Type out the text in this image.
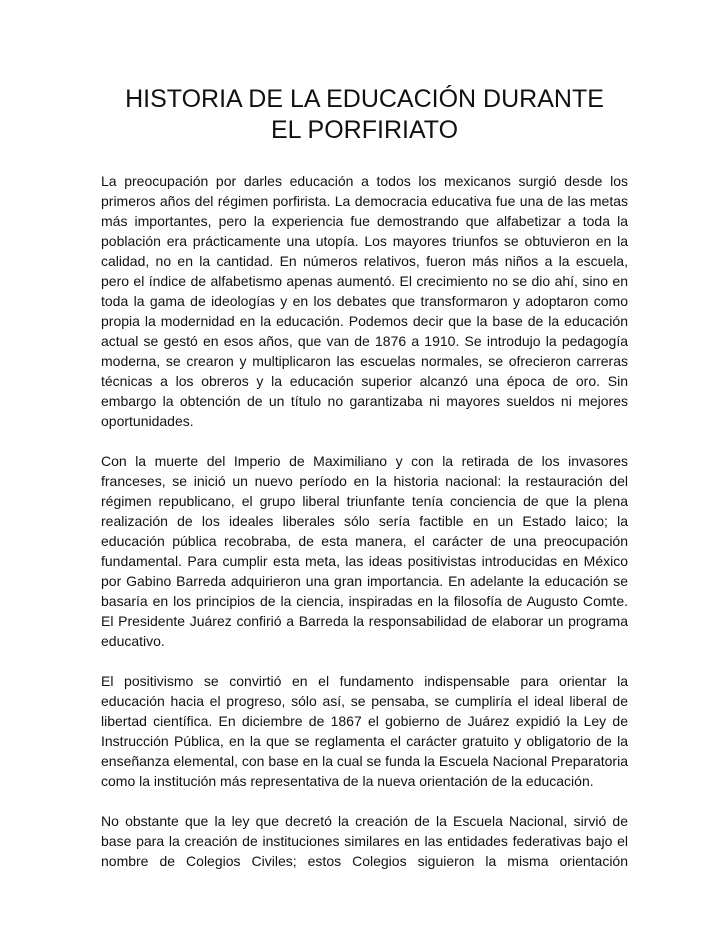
HISTORIA DE LA EDUCACIÓN DURANTE
EL PORFIRIATO

La preocupación por darles educación a todos los mexicanos surgió desde los primeros años del régimen porfirista. La democracia educativa fue una de las metas más importantes, pero la experiencia fue demostrando que alfabetizar a toda la población era prácticamente una utopía. Los mayores triunfos se obtuvieron en la calidad, no en la cantidad. En números relativos, fueron más niños a la escuela, pero el índice de alfabetismo apenas aumentó. El crecimiento no se dio ahí, sino en toda la gama de ideologías y en los debates que transformaron y adoptaron como propia la modernidad en la educación. Podemos decir que la base de la educación actual se gestó en esos años, que van de 1876 a 1910. Se introdujo la pedagogía moderna, se crearon y multiplicaron las escuelas normales, se ofrecieron carreras técnicas a los obreros y la educación superior alcanzó una época de oro. Sin embargo la obtención de un título no garantizaba ni mayores sueldos ni mejores oportunidades.

Con la muerte del Imperio de Maximiliano y con la retirada de los invasores franceses, se inició un nuevo período en la historia nacional: la restauración del régimen republicano, el grupo liberal triunfante tenía conciencia de que la plena realización de los ideales liberales sólo sería factible en un Estado laico; la educación pública recobraba, de esta manera, el carácter de una preocupación fundamental. Para cumplir esta meta, las ideas positivistas introducidas en México por Gabino Barreda adquirieron una gran importancia. En adelante la educación se basaría en los principios de la ciencia, inspiradas en la filosofía de Augusto Comte. El Presidente Juárez confirió a Barreda la responsabilidad de elaborar un programa educativo.

El positivismo se convirtió en el fundamento indispensable para orientar la educación hacia el progreso, sólo así, se pensaba, se cumpliría el ideal liberal de libertad científica. En diciembre de 1867 el gobierno de Juárez expidió la Ley de Instrucción Pública, en la que se reglamenta el carácter gratuito y obligatorio de la enseñanza elemental, con base en la cual se funda la Escuela Nacional Preparatoria como la institución más representativa de la nueva orientación de la educación.

No obstante que la ley que decretó la creación de la Escuela Nacional, sirvió de base para la creación de instituciones similares en las entidades federativas bajo el nombre de Colegios Civiles; estos Colegios siguieron la misma orientación
